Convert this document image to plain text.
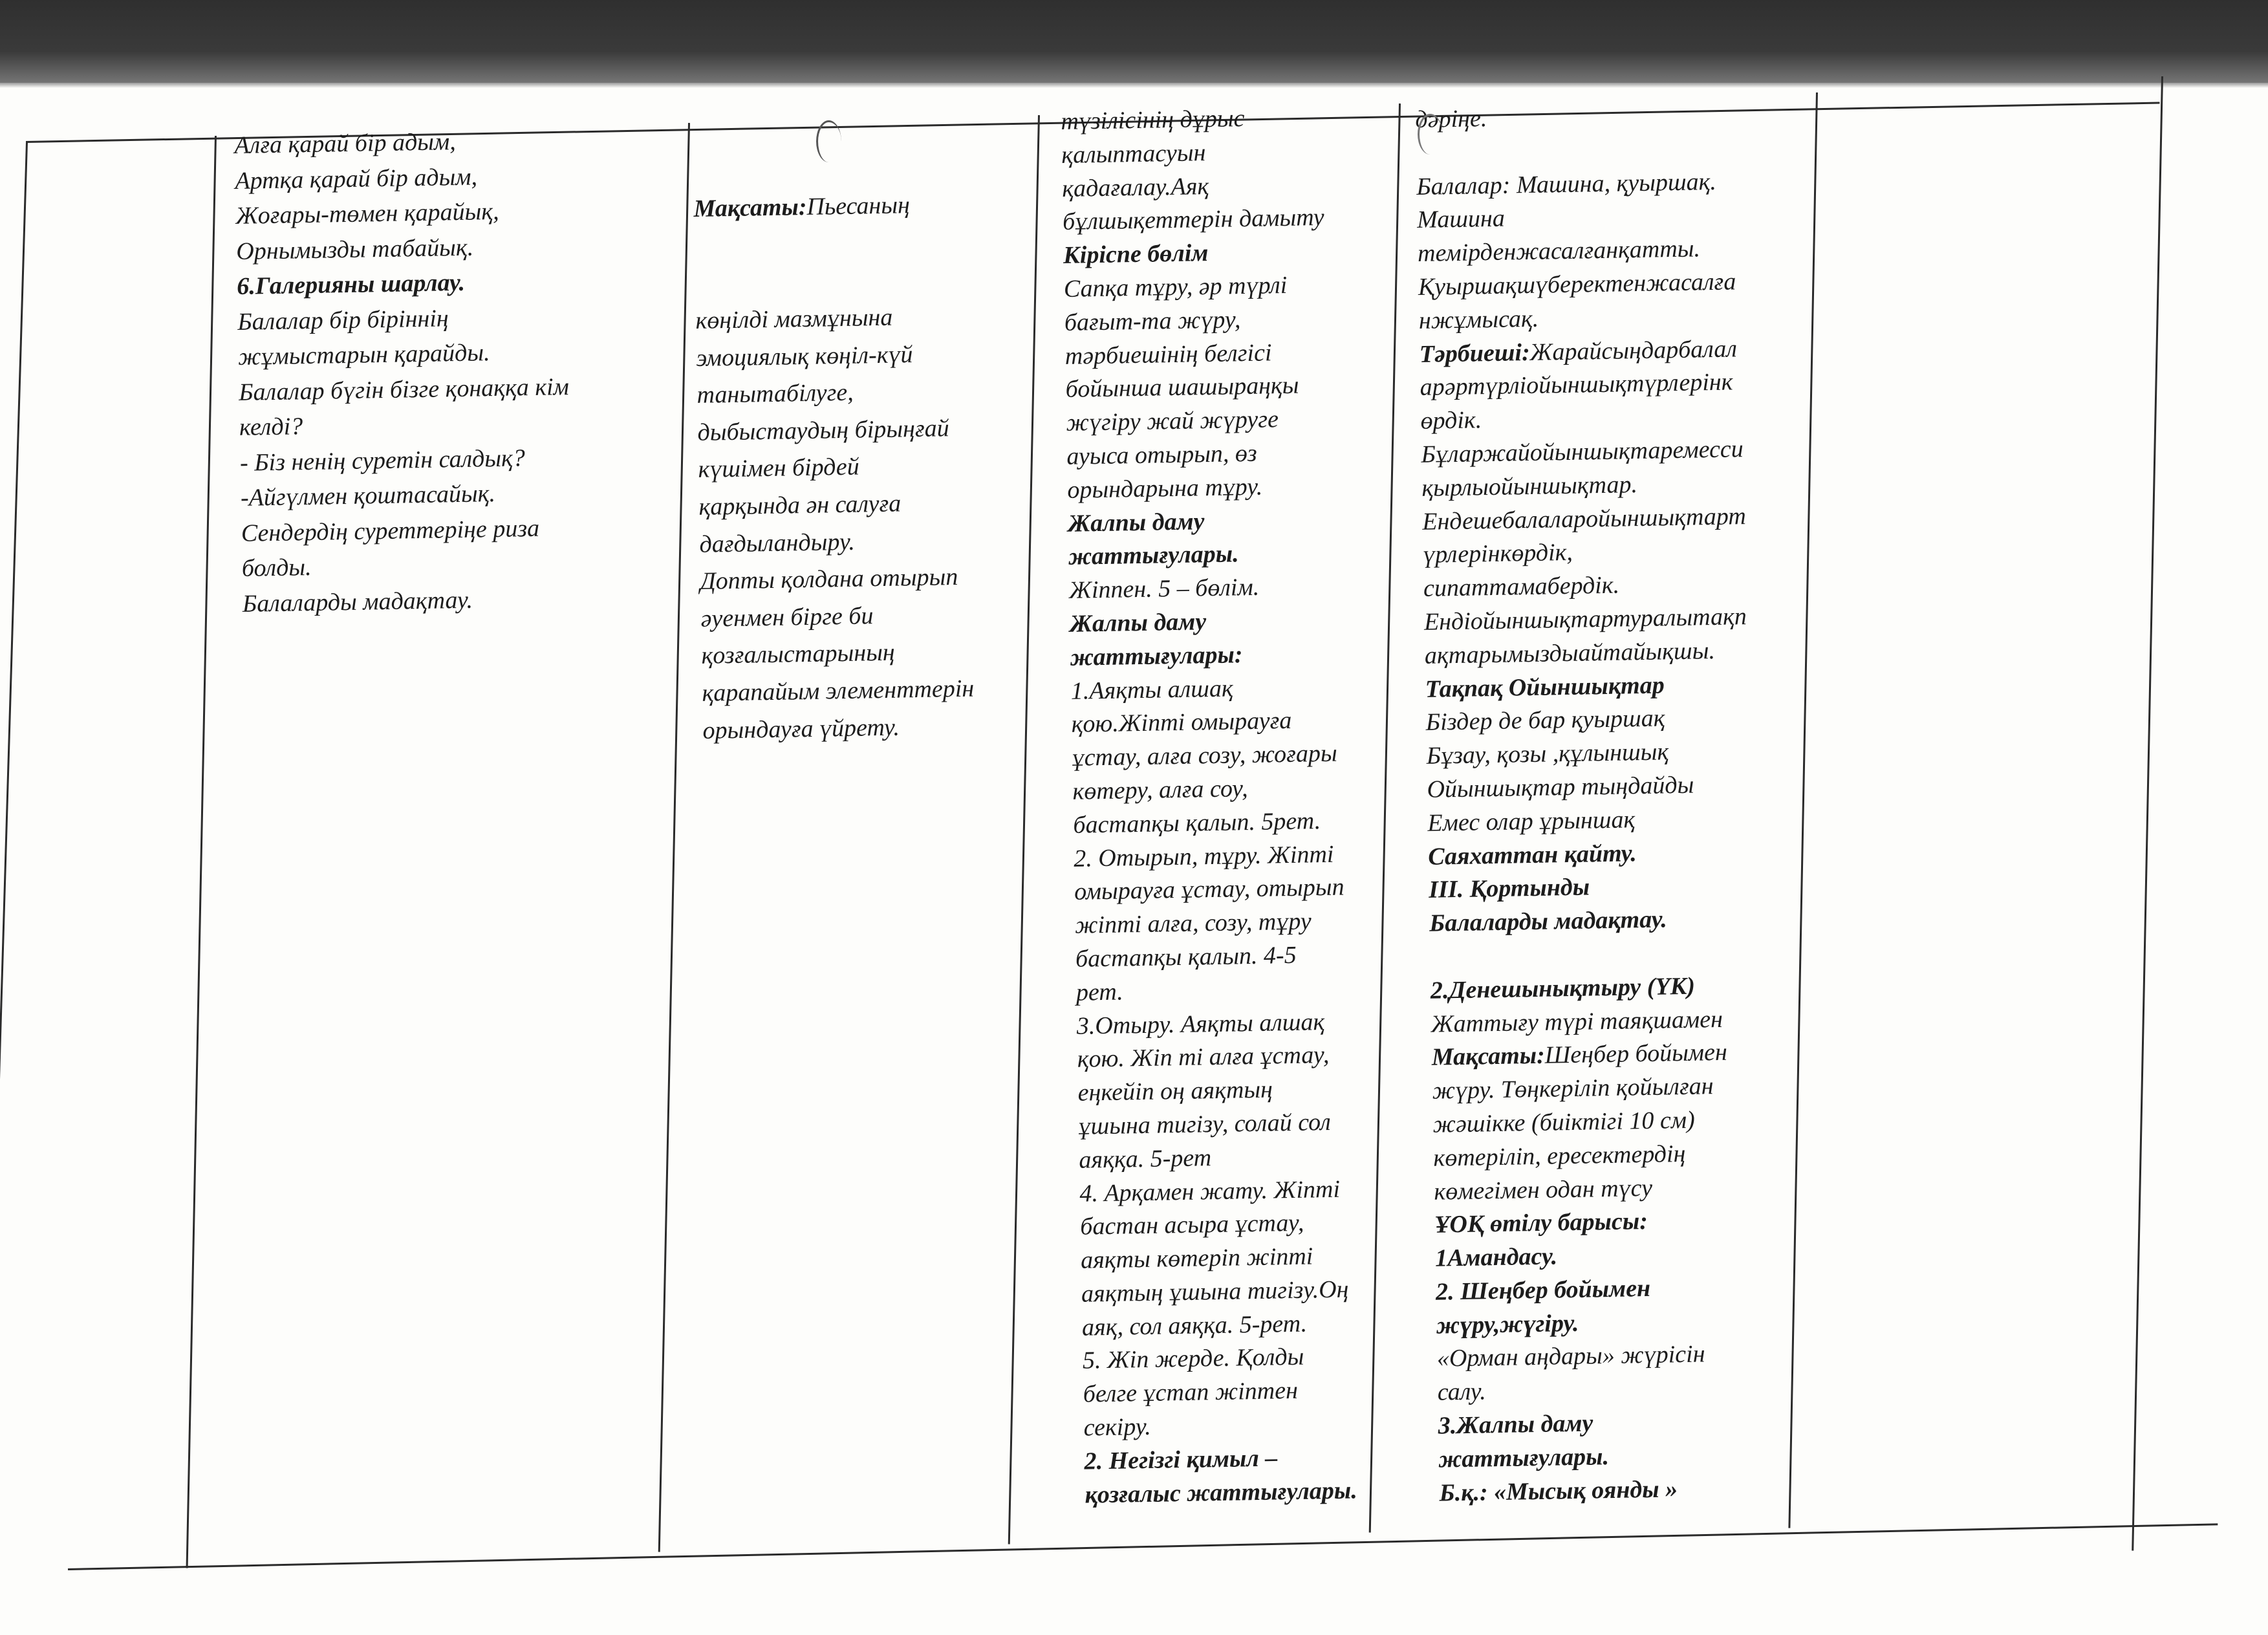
Алға қарай бір адым,
Артқа қарай бір адым,
Жоғары-төмен қарайық,
Орнымызды табайық.
6.Галерияны шарлау.
Балалар бір біріннің
жұмыстарын қарайды.
Балалар бүгін бізге қонаққа кім
келді?
- Біз ненің суретін салдық?
-Айгүлмен қоштасайық.
Сендердің суреттеріңе риза
болды.
Балаларды мадақтау.

Мақсаты:Пьесаның

көңілді мазмұнына
эмоциялық көңіл-күй
танытабілуге,
дыбыстаудың бірыңғай
күшімен бірдей
қарқында ән салуға
дағдыландыру.
Допты қолдана отырып
әуенмен бірге би
қозғалыстарының
қарапайым элементтерін
орындауға үйрету.

түзілісінің дұрыс
қалыптасуын
қадағалау.Аяқ
бұлшықеттерін дамыту
Кіріспе бөлім
Сапқа тұру, әр түрлі
бағыт-та жүру,
тәрбиешінің белгісі
бойынша шашыраңқы
жүгіру жай жүруге
ауыса отырып, өз
орындарына тұру.
Жалпы даму
жаттығулары.
Жіппен. 5 – бөлім.
Жалпы даму
жаттығулары:
1.Аяқты алшақ
қою.Жіпті омырауға
ұстау, алға созу, жоғары
көтеру, алға соу,
бастапқы қалып. 5рет.
2. Отырып, тұру. Жіпті
омырауға ұстау, отырып
жіпті алға, созу, тұру
бастапқы қалып. 4-5
рет.
3.Отыру. Аяқты алшақ
қою. Жіп ті алға ұстау,
еңкейіп оң аяқтың
ұшына тигізу, солай сол
аяққа. 5-рет
4. Арқамен жату. Жіпті
бастан асыра ұстау,
аяқты көтеріп жіпті
аяқтың ұшына тигізу.Оң
аяқ, сол аяққа. 5-рет.
5. Жіп жерде. Қолды
белге ұстап жіптен
секіру.
2. Негізгі қимыл –
қозғалыс жаттығулары.
дәріңе.

Балалар: Машина, қуыршақ.
Машина
темірденжасалғанқатты.
Қуыршақшүберектенжасалға
нжұмысақ.
Тәрбиеші:Жарайсыңдарбалал
арәртүрліойыншықтүрлерінк
өрдік.
Бұларжайойыншықтаремесси
қырлыойыншықтар.
Ендешебалаларойыншықтарт
үрлерінкөрдік,
сипаттамабердік.
Ендіойыншықтартуралытақп
ақтарымыздыайтайықшы.
Тақпақ Ойыншықтар
Біздер де бар қуыршақ
Бұзау, қозы ,құлыншық
Ойыншықтар тыңдайды
Емес олар ұрыншақ
Саяхаттан қайту.
ІІІ. Қортынды
Балаларды мадақтау.

2.Денешынықтыру (ҮК)
Жаттығу түрі таяқшамен
Мақсаты:Шеңбер бойымен
жүру. Төңкеріліп қойылған
жәшікке (биіктігі 10 см)
көтеріліп, ересектердің
көмегімен одан түсу
ҰОҚ өтілу барысы:
1Амандасу.
2. Шеңбер бойымен
жүру,жүгіру.
«Орман аңдары» жүрісін
салу.
3.Жалпы даму
жаттығулары.
Б.қ.: «Мысық оянды »
